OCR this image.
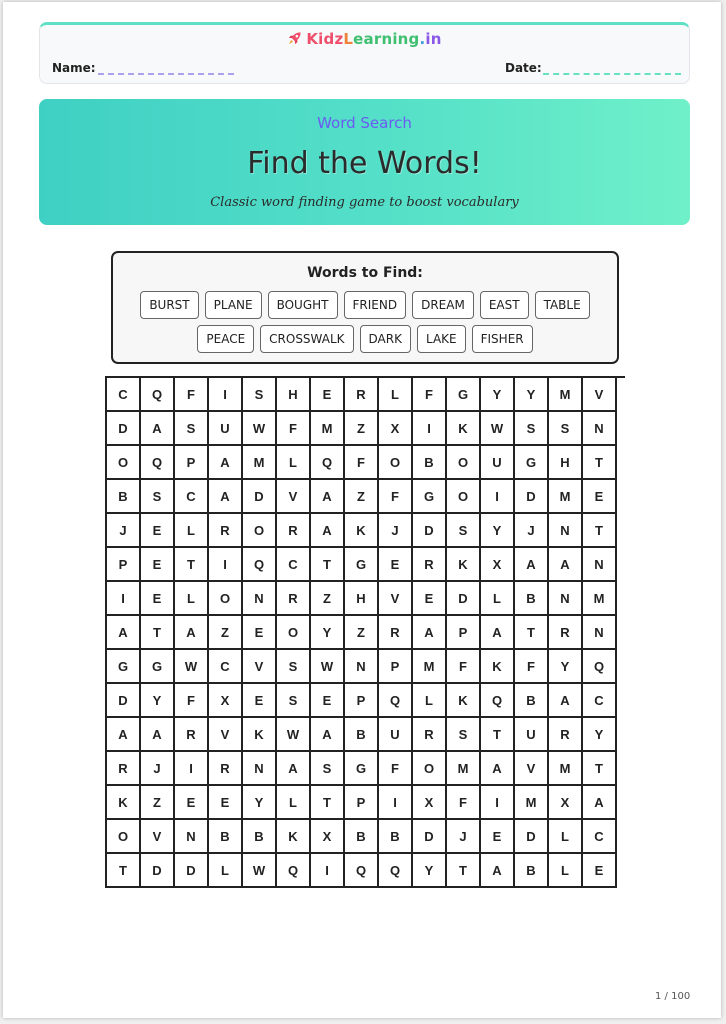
KidzLearning.in
Name:	Date:
Word Search
Find the Words!
Classic word finding game to boost vocabulary
Words to Find:
BURST	PLANE	BOUGHT	FRIEND	DREAM	EAST	TABLE
PEACE	CROSSWALK	DARK	LAKE	FISHER
C	Q	F	I	S	H	E	R	L	F	G	Y	Y	M	V
D	A	S	U	W	F	M	Z	X	I	K	W	S	S	N
O	Q	P	A	M	L	Q	F	O	B	O	U	G	H	T
B	S	C	A	D	V	A	Z	F	G	O	I	D	M	E
J	E	L	R	O	R	A	K	J	D	S	Y	J	N	T
P	E	T	I	Q	C	T	G	E	R	K	X	A	A	N
I	E	L	O	N	R	Z	H	V	E	D	L	B	N	M
A	T	A	Z	E	O	Y	Z	R	A	P	A	T	R	N
G	G	W	C	V	S	W	N	P	M	F	K	F	Y	Q
D	Y	F	X	E	S	E	P	Q	L	K	Q	B	A	C
A	A	R	V	K	W	A	B	U	R	S	T	U	R	Y
R	J	I	R	N	A	S	G	F	O	M	A	V	M	T
K	Z	E	E	Y	L	T	P	I	X	F	I	M	X	A
O	V	N	B	B	K	X	B	B	D	J	E	D	L	C
T	D	D	L	W	Q	I	Q	Q	Y	T	A	B	L	E
1 / 100
